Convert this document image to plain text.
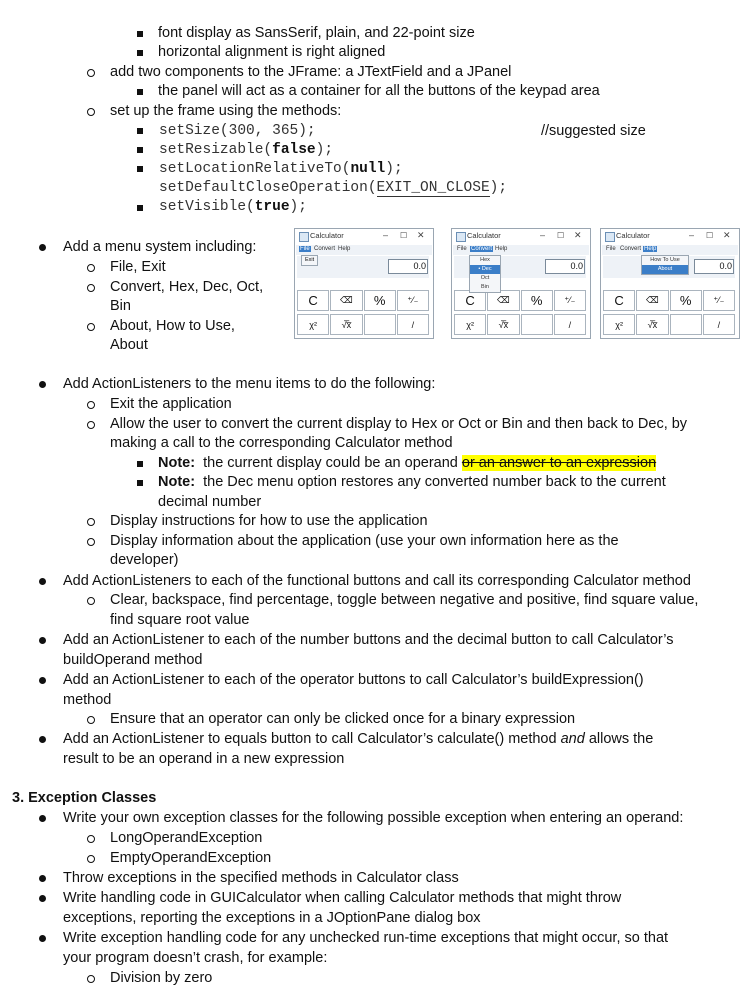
font display as SansSerif, plain, and 22-point size
horizontal alignment is right aligned
add two components to the JFrame: a JTextField and a JPanel
the panel will act as a container for all the buttons of the keypad area
set up the frame using the methods:
setSize(300, 365);	//suggested size
setResizable(false);
setLocationRelativeTo(null);
setDefaultCloseOperation(EXIT_ON_CLOSE);
setVisible(true);
Add a menu system including:
File, Exit
Convert, Hex, Dec, Oct,
Bin
About, How to Use,
About
Calculator	– ☐ ✕
File Convert Help
0.0
Exit
C	⌫	%	⁺⁄₋
χ²	√̅x̅	/
Calculator	– ☐ ✕
File Convert Help
0.0
C	⌫	%	⁺⁄₋
χ²	√̅x̅	/
Hex
• Dec
Oct
Bin
Calculator	– ☐ ✕
File Convert Help
0.0
C	⌫	%	⁺⁄₋
χ²	√̅x̅	/
How To Use
About
Add ActionListeners to the menu items to do the following:
Exit the application
Allow the user to convert the current display to Hex or Oct or Bin and then back to Dec, by
making a call to the corresponding Calculator method
Note: the current display could be an operand or an answer to an expression
Note: the Dec menu option restores any converted number back to the current
decimal number
Display instructions for how to use the application
Display information about the application (use your own information here as the
developer)
Add ActionListeners to each of the functional buttons and call its corresponding Calculator method
Clear, backspace, find percentage, toggle between negative and positive, find square value,
find square root value
Add an ActionListener to each of the number buttons and the decimal button to call Calculator’s
buildOperand method
Add an ActionListener to each of the operator buttons to call Calculator’s buildExpression()
method
Ensure that an operator can only be clicked once for a binary expression
Add an ActionListener to equals button to call Calculator’s calculate() method and allows the
result to be an operand in a new expression
3. Exception Classes
Write your own exception classes for the following possible exception when entering an operand:
LongOperandException
EmptyOperandException
Throw exceptions in the specified methods in Calculator class
Write handling code in GUICalculator when calling Calculator methods that might throw
exceptions, reporting the exceptions in a JOptionPane dialog box
Write exception handling code for any unchecked run-time exceptions that might occur, so that
your program doesn’t crash, for example:
Division by zero
